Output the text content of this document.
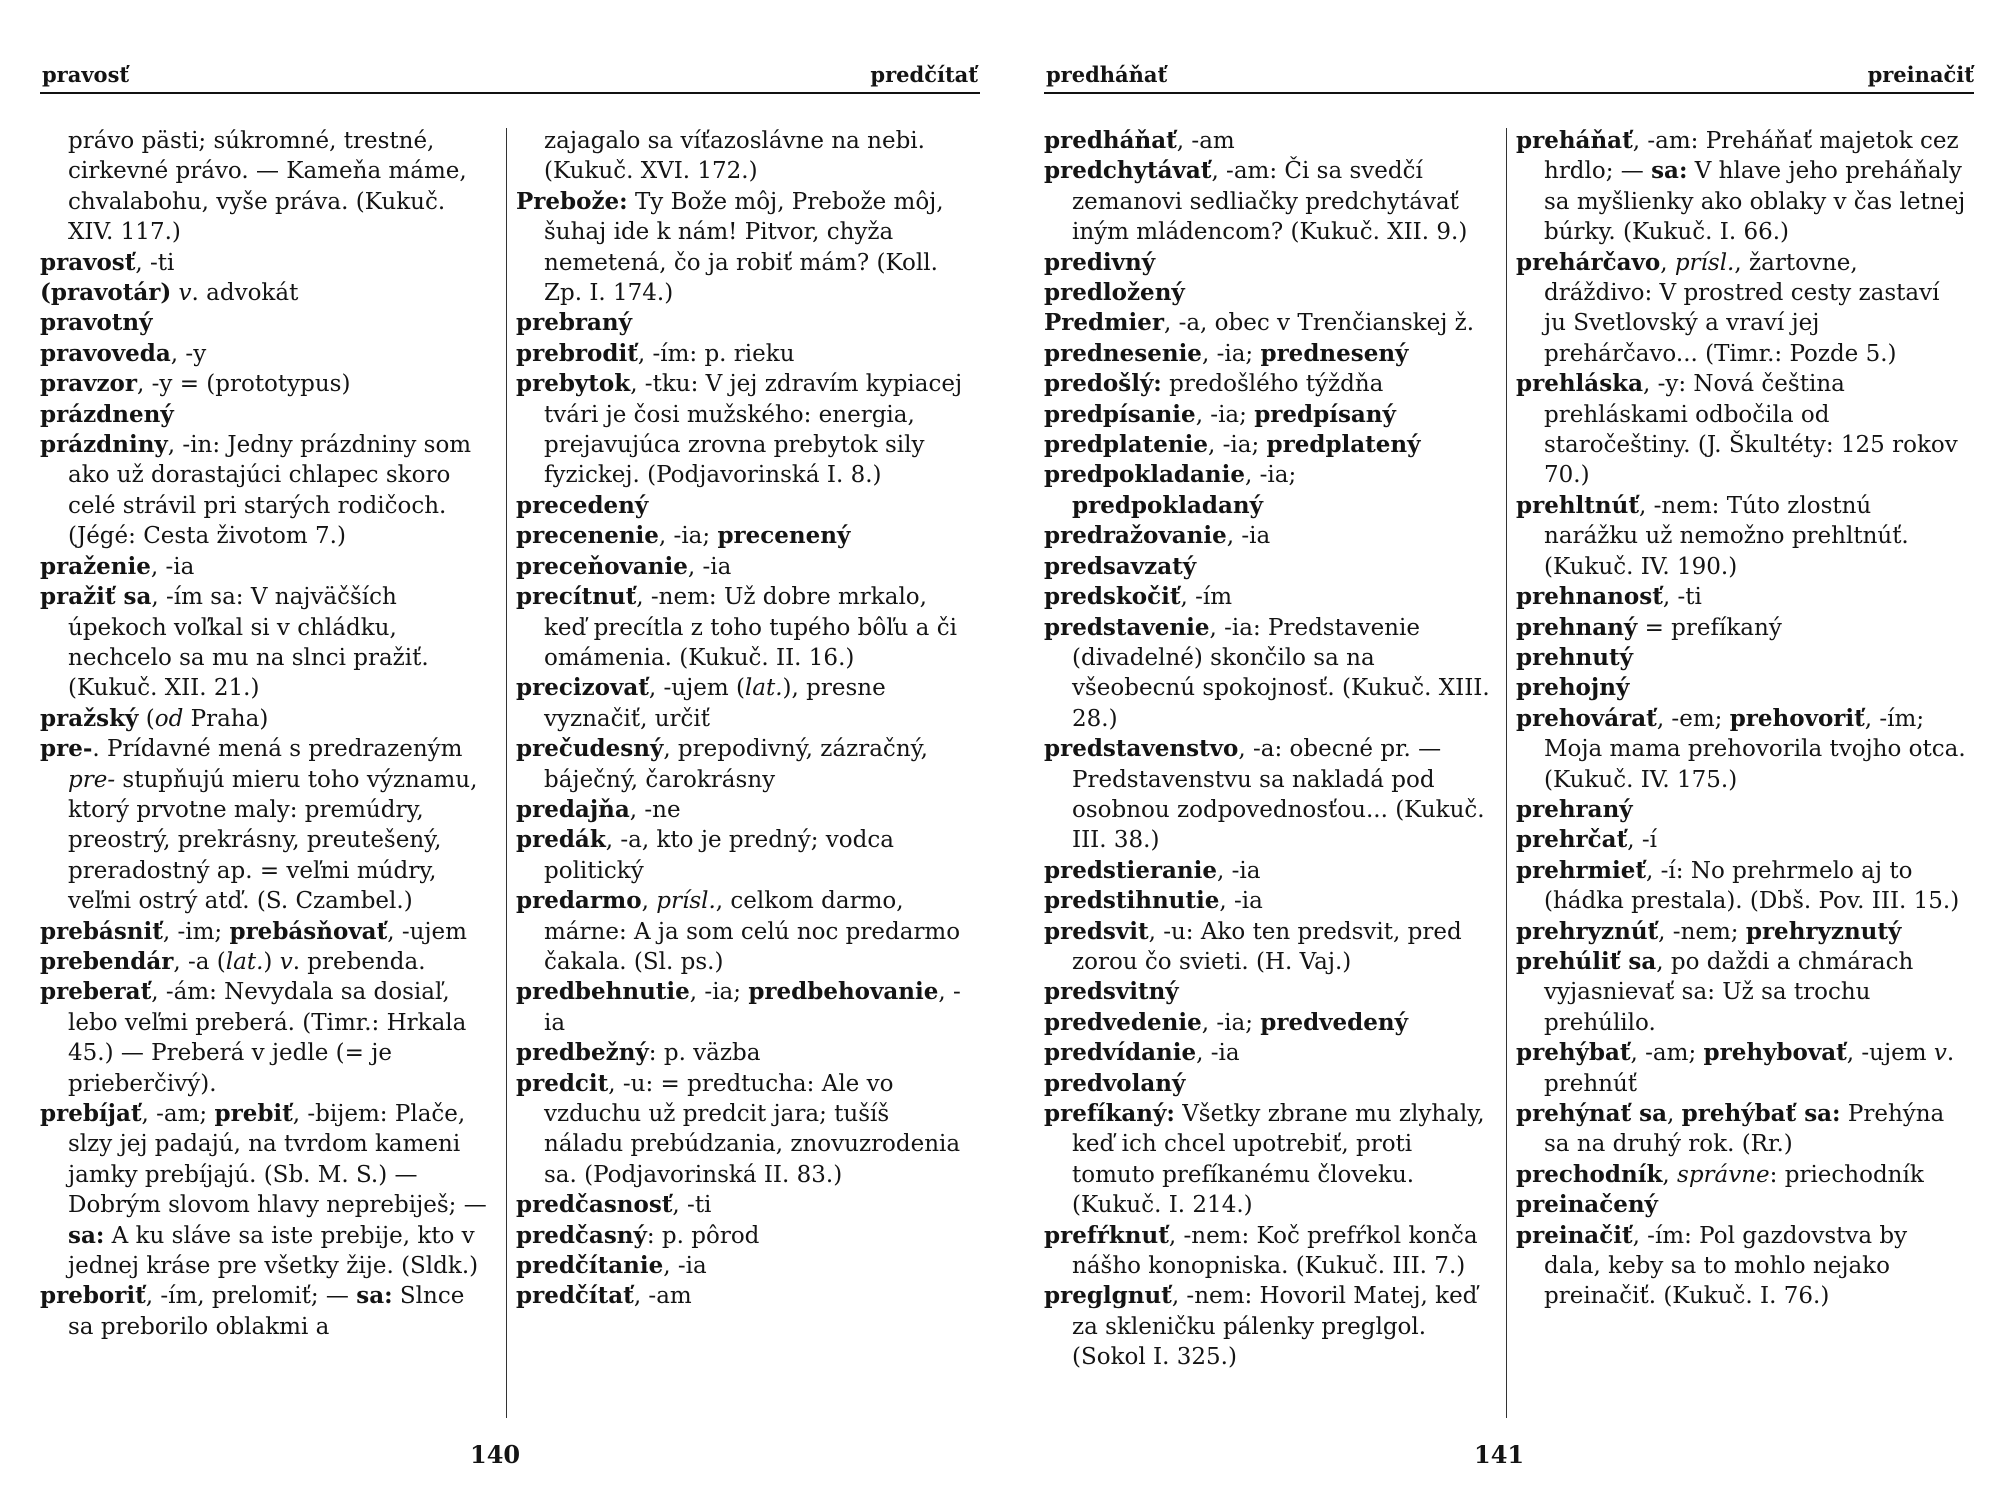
pravosť	predčítať

právo pästi; súkromné, trestné, cirkevné právo. — Kameňa máme, chvalabohu, vyše práva. (Kukuč. XIV. 117.)

pravosť, -ti

(pravotár) v. advokát

pravotný

pravoveda, -y

pravzor, -y = (prototypus)

prázdnený

prázdniny, -in: Jedny prázdniny som ako už dorastajúci chlapec skoro celé strávil pri starých rodičoch. (Jégé: Cesta životom 7.)

praženie, -ia

pražiť sa, -ím sa: V najväčších úpekoch voľkal si v chládku, nechcelo sa mu na slnci pražiť. (Kukuč. XII. 21.)

pražský (od Praha)

pre-. Prídavné mená s predrazeným pre- stupňujú mieru toho významu, ktorý prvotne maly: premúdry, preostrý, prekrásny, preutešený, preradostný ap. = veľmi múdry, veľmi ostrý atď. (S. Czambel.)

prebásniť, -im; prebásňovať, -ujem

prebendár, -a (lat.) v. prebenda.

preberať, -ám: Nevydala sa dosiaľ, lebo veľmi preberá. (Timr.: Hrkala 45.) — Preberá v jedle (= je prieberčivý).

prebíjať, -am; prebiť, -bijem: Plače, slzy jej padajú, na tvrdom kameni jamky prebíjajú. (Sb. M. S.) — Dobrým slovom hlavy neprebiješ; — sa: A ku sláve sa iste prebije, kto v jednej kráse pre všetky žije. (Sldk.)

preboriť, -ím, prelomiť; — sa: Slnce sa preborilo oblakmi a

zajagalo sa víťazoslávne na nebi. (Kukuč. XVI. 172.)

Prebože: Ty Bože môj, Prebože môj, šuhaj ide k nám! Pitvor, chyža nemetená, čo ja robiť mám? (Koll. Zp. I. 174.)

prebraný

prebrodiť, -ím: p. rieku

prebytok, -tku: V jej zdravím kypiacej tvári je čosi mužského: energia, prejavujúca zrovna prebytok sily fyzickej. (Podjavorinská I. 8.)

precedený

precenenie, -ia; precenený

preceňovanie, -ia

precítnuť, -nem: Už dobre mrkalo, keď precítla z toho tupého bôľu a či omámenia. (Kukuč. II. 16.)

precizovať, -ujem (lat.), presne vyznačiť, určiť

prečudesný, prepodivný, zázračný, báječný, čarokrásny

predajňa, -ne

predák, -a, kto je predný; vodca politický

predarmo, prísl., celkom darmo, márne: A ja som celú noc predarmo čakala. (Sl. ps.)

predbehnutie, -ia; predbehovanie, -ia

predbežný: p. väzba

predcit, -u: = predtucha: Ale vo vzduchu už predcit jara; tušíš náladu prebúdzania, znovuzrodenia sa. (Podjavorinská II. 83.)

predčasnosť, -ti

predčasný: p. pôrod

predčítanie, -ia

predčítať, -am

140
predháňať	preinačiť

predháňať, -am

predchytávať, -am: Či sa svedčí zemanovi sedliačky predchytávať iným mládencom? (Kukuč. XII. 9.)

predivný

predložený

Predmier, -a, obec v Trenčianskej ž.

prednesenie, -ia; prednesený

predošlý: predošlého týždňa

predpísanie, -ia; predpísaný

predplatenie, -ia; predplatený

predpokladanie, -ia; predpokladaný

predražovanie, -ia

predsavzatý

predskočiť, -ím

predstavenie, -ia: Predstavenie (divadelné) skončilo sa na všeobecnú spokojnosť. (Kukuč. XIII. 28.)

predstavenstvo, -a: obecné pr. — Predstavenstvu sa nakladá pod osobnou zodpovednosťou... (Kukuč. III. 38.)

predstieranie, -ia

predstihnutie, -ia

predsvit, -u: Ako ten predsvit, pred zorou čo svieti. (H. Vaj.)

predsvitný

predvedenie, -ia; predvedený

predvídanie, -ia

predvolaný

prefíkaný: Všetky zbrane mu zlyhaly, keď ich chcel upotrebiť, proti tomuto prefíkanému človeku. (Kukuč. I. 214.)

prefŕknuť, -nem: Koč prefŕkol konča nášho konopniska. (Kukuč. III. 7.)

preglgnuť, -nem: Hovoril Matej, keď za skleničku pálenky preglgol. (Sokol I. 325.)

preháňať, -am: Preháňať majetok cez hrdlo; — sa: V hlave jeho preháňaly sa myšlienky ako oblaky v čas letnej búrky. (Kukuč. I. 66.)

prehárčavo, prísl., žartovne, dráždivo: V prostred cesty zastaví ju Svetlovský a vraví jej prehárčavo... (Timr.: Pozde 5.)

prehláska, -y: Nová čeština prehláskami odbočila od staročeštiny. (J. Škultéty: 125 rokov 70.)

prehltnúť, -nem: Túto zlostnú narážku už nemožno prehltnúť. (Kukuč. IV. 190.)

prehnanosť, -ti

prehnaný = prefíkaný

prehnutý

prehojný

prehovárať, -em; prehovoriť, -ím; Moja mama prehovorila tvojho otca. (Kukuč. IV. 175.)

prehraný

prehrčať, -í

prehrmieť, -í: No prehrmelo aj to (hádka prestala). (Dbš. Pov. III. 15.)

prehryznúť, -nem; prehryznutý

prehúliť sa, po daždi a chmárach vyjasnievať sa: Už sa trochu prehúlilo.

prehýbať, -am; prehybovať, -ujem v. prehnúť

prehýnať sa, prehýbať sa: Prehýna sa na druhý rok. (Rr.)

prechodník, správne: priechodník

preinačený

preinačiť, -ím: Pol gazdovstva by dala, keby sa to mohlo nejako preinačiť. (Kukuč. I. 76.)

141
